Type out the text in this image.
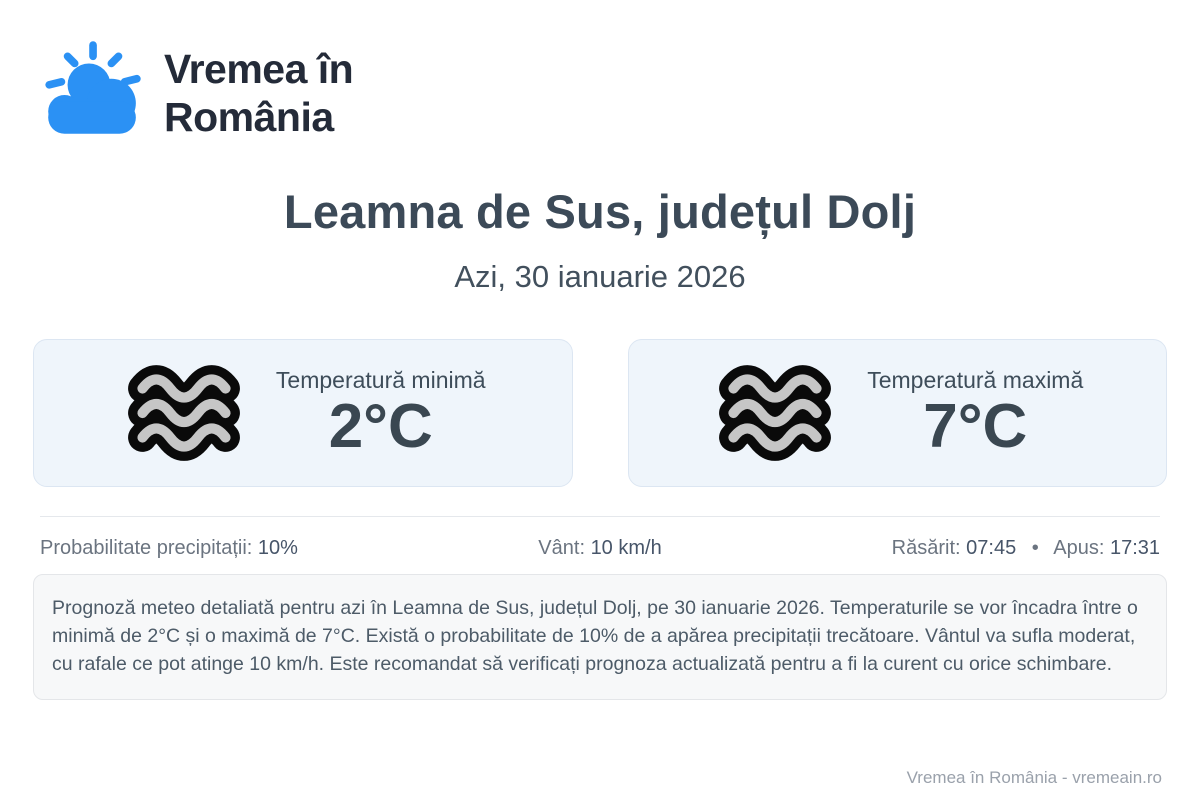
Vremea în
România
Leamna de Sus, județul Dolj
Azi, 30 ianuarie 2026
Temperatură minimă
2°C
Temperatură maximă
7°C
Probabilitate precipitații: 10%	Vânt: 10 km/h	Răsărit: 07:45 • Apus: 17:31
Prognoză meteo detaliată pentru azi în Leamna de Sus, județul Dolj, pe 30 ianuarie 2026. Temperaturile se vor încadra între o minimă de 2°C și o maximă de 7°C. Există o probabilitate de 10% de a apărea precipitații trecătoare. Vântul va sufla moderat, cu rafale ce pot atinge 10 km/h. Este recomandat să verificați prognoza actualizată pentru a fi la curent cu orice schimbare.
Vremea în România - vremeain.ro
